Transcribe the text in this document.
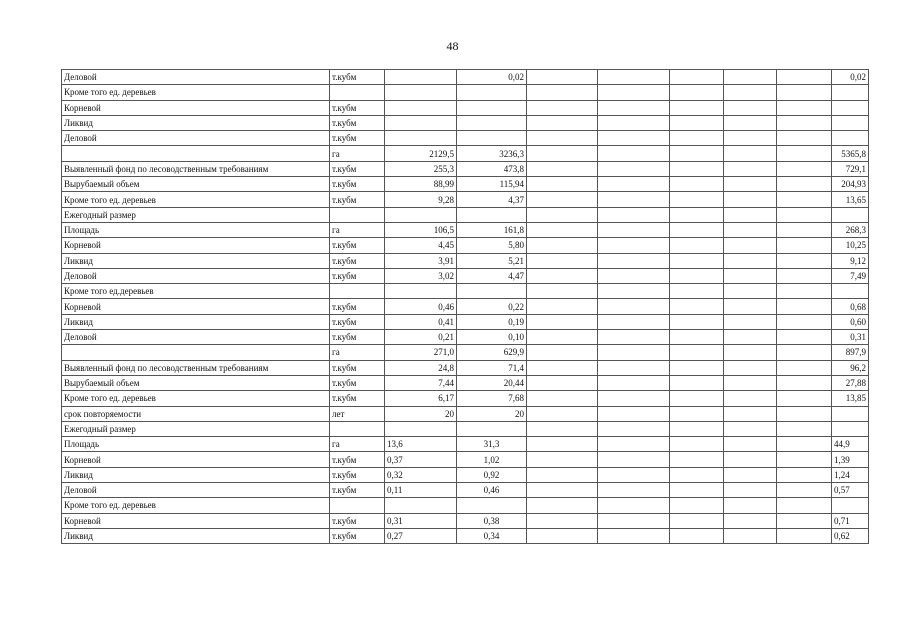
48
Деловой	т.кубм		0,02						0,02
Кроме того ед. деревьев									
Корневой	т.кубм								
Ликвид	т.кубм								
Деловой	т.кубм								
	га	2129,5	3236,3						5365,8
Выявленный фонд по лесоводственным требованиям	т.кубм	255,3	473,8						729,1
Вырубаемый объем	т.кубм	88,99	115,94						204,93
Кроме того ед. деревьев	т.кубм	9,28	4,37						13,65
Ежегодный размер									
Площадь	га	106,5	161,8						268,3
Корневой	т.кубм	4,45	5,80						10,25
Ликвид	т.кубм	3,91	5,21						9,12
Деловой	т.кубм	3,02	4,47						7,49
Кроме того ед.деревьев									
Корневой	т.кубм	0,46	0,22						0,68
Ликвид	т.кубм	0,41	0,19						0,60
Деловой	т.кубм	0,21	0,10						0,31
	га	271,0	629,9						897,9
Выявленный фонд по лесоводственным требованиям	т.кубм	24,8	71,4						96,2
Вырубаемый объем	т.кубм	7,44	20,44						27,88
Кроме того ед. деревьев	т.кубм	6,17	7,68						13,85
срок повторяемости	лет	20	20						
Ежегодный размер									
Площадь	га	13,6	31,3						44,9
Корневой	т.кубм	0,37	1,02						1,39
Ликвид	т.кубм	0,32	0,92						1,24
Деловой	т.кубм	0,11	0,46						0,57
Кроме того ед. деревьев									
Корневой	т.кубм	0,31	0,38						0,71
Ликвид	т.кубм	0,27	0,34						0,62
